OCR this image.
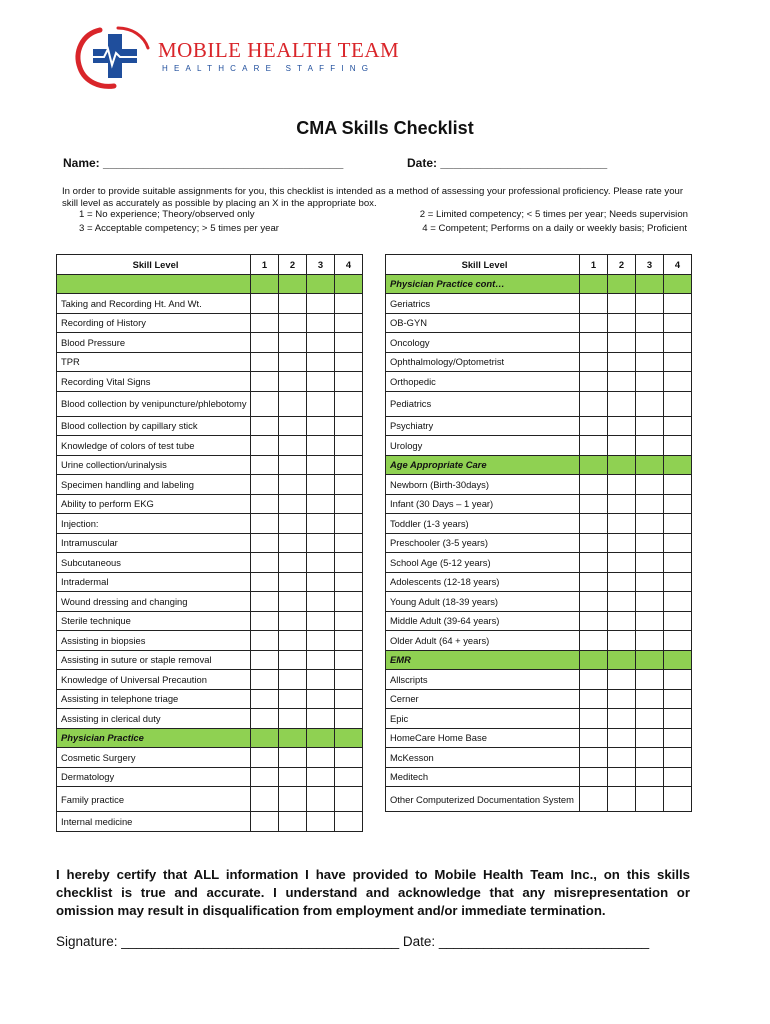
MOBILE HEALTH TEAM
HEALTHCARE STAFFING
CMA Skills Checklist
Name: ____________________________________	Date: _________________________
In order to provide suitable assignments for you, this checklist is intended as a method of assessing your professional proficiency. Please rate your skill level as accurately as possible by placing an X in the appropriate box.
1 = No experience; Theory/observed only	2 = Limited competency; < 5 times per year; Needs supervision
3 = Acceptable competency; > 5 times per year	4 = Competent; Performs on a daily or weekly basis; Proficient
Skill Level	1	2	3	4

Taking and Recording Ht. And Wt.				
Recording of History				
Blood Pressure				
TPR				
Recording Vital Signs				
Blood collection by venipuncture/phlebotomy				
Blood collection by capillary stick				
Knowledge of colors of test tube				
Urine collection/urinalysis				
Specimen handling and labeling				
Ability to perform EKG				
Injection:				
Intramuscular				
Subcutaneous				
Intradermal				
Wound dressing and changing				
Sterile technique				
Assisting in biopsies				
Assisting in suture or staple removal				
Knowledge of Universal Precaution				
Assisting in telephone triage				
Assisting in clerical duty				
Physician Practice				
Cosmetic Surgery				
Dermatology				
Family practice				
Internal medicine				
Skill Level	1	2	3	4
Physician Practice cont…				
Geriatrics				
OB-GYN				
Oncology				
Ophthalmology/Optometrist				
Orthopedic				
Pediatrics				
Psychiatry				
Urology				
Age Appropriate Care				
Newborn (Birth-30days)				
Infant (30 Days – 1 year)				
Toddler (1-3 years)				
Preschooler (3-5 years)				
School Age (5-12 years)				
Adolescents (12-18 years)				
Young Adult (18-39 years)				
Middle Adult (39-64 years)				
Older Adult (64 + years)				
EMR				
Allscripts				
Cerner				
Epic				
HomeCare Home Base				
McKesson				
Meditech				
Other Computerized Documentation System				
I hereby certify that ALL information I have provided to Mobile Health Team Inc., on this skills checklist is true and accurate. I understand and acknowledge that any misrepresentation or omission may result in disqualification from employment and/or immediate termination.
Signature: _____________________________________ Date: ____________________________
